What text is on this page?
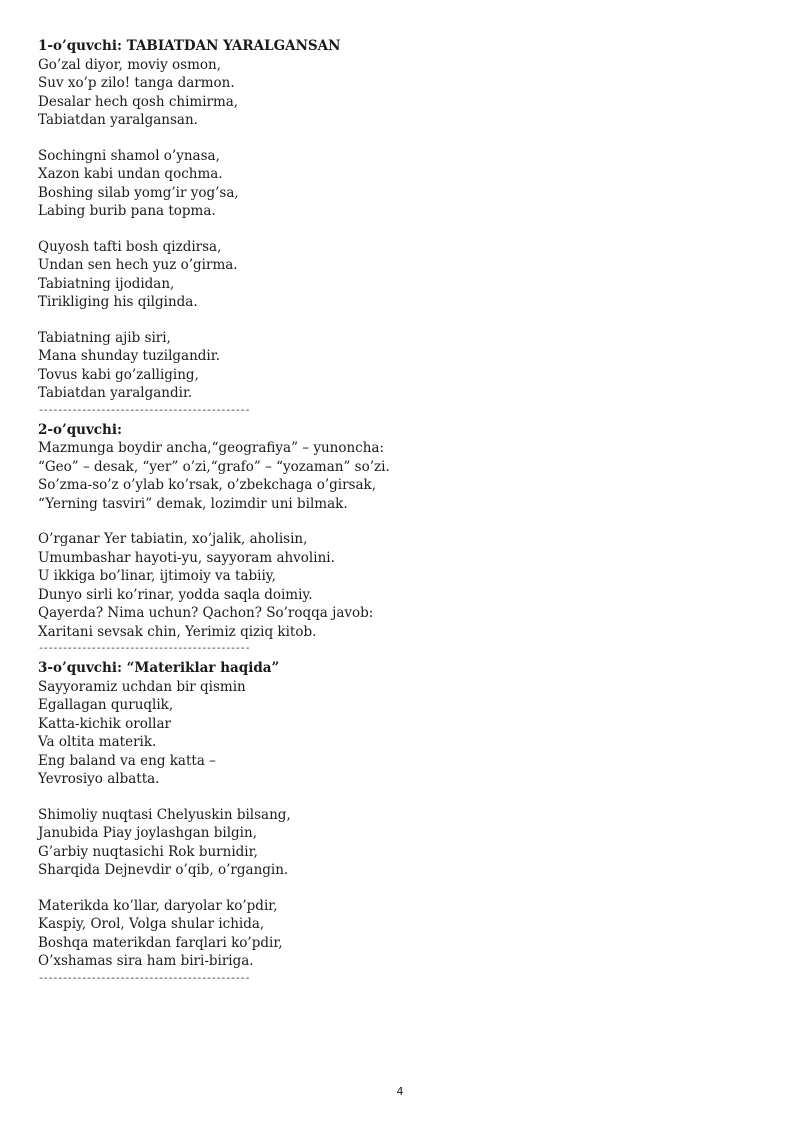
1-o’quvchi: TABIATDAN YARALGANSAN

Go’zal diyor, moviy osmon,
Suv xo’p zilo! tanga darmon.
Desalar hech qosh chimirma,
Tabiatdan yaralgansan.
Sochingni shamol o’ynasa,
Xazon kabi undan qochma.
Boshing silab yomg’ir yog’sa,
Labing burib pana topma.
Quyosh tafti bosh qizdirsa,
Undan sen hech yuz o’girma.
Tabiatning ijodidan,
Tirikliging his qilginda.
Tabiatning ajib siri,
Mana shunday tuzilgandir.
Tovus kabi go’zalliging,
Tabiatdan yaralgandir.
--------------------------------------------

2-o’quvchi:

Mazmunga boydir ancha,“geografiya” – yunoncha:
“Geo” – desak, “yer” o’zi,“grafo” – “yozaman” so’zi.
So’zma-so’z o’ylab ko’rsak, o’zbekchaga o’girsak,
“Yerning tasviri” demak, lozimdir uni bilmak.
O’rganar Yer tabiatin, xo’jalik, aholisin,
Umumbashar hayoti-yu, sayyoram ahvolini.
U ikkiga bo’linar, ijtimoiy va tabiiy,
Dunyo sirli ko’rinar, yodda saqla doimiy.
Qayerda? Nima uchun? Qachon? So’roqqa javob:
Xaritani sevsak chin, Yerimiz qiziq kitob.
--------------------------------------------

3-o’quvchi: “Materiklar haqida”

Sayyoramiz uchdan bir qismin
Egallagan quruqlik,
Katta-kichik orollar
Va oltita materik.
Eng baland va eng katta –
Yevrosiyo albatta.
Shimoliy nuqtasi Chelyuskin bilsang,
Janubida Piay joylashgan bilgin,
G’arbiy nuqtasichi Rok burnidir,
Sharqida Dejnevdir o’qib, o’rgangin.
Materikda ko’llar, daryolar ko’pdir,
Kaspiy, Orol, Volga shular ichida,
Boshqa materikdan farqlari ko’pdir,
O’xshamas sira ham biri-biriga.
--------------------------------------------
4
